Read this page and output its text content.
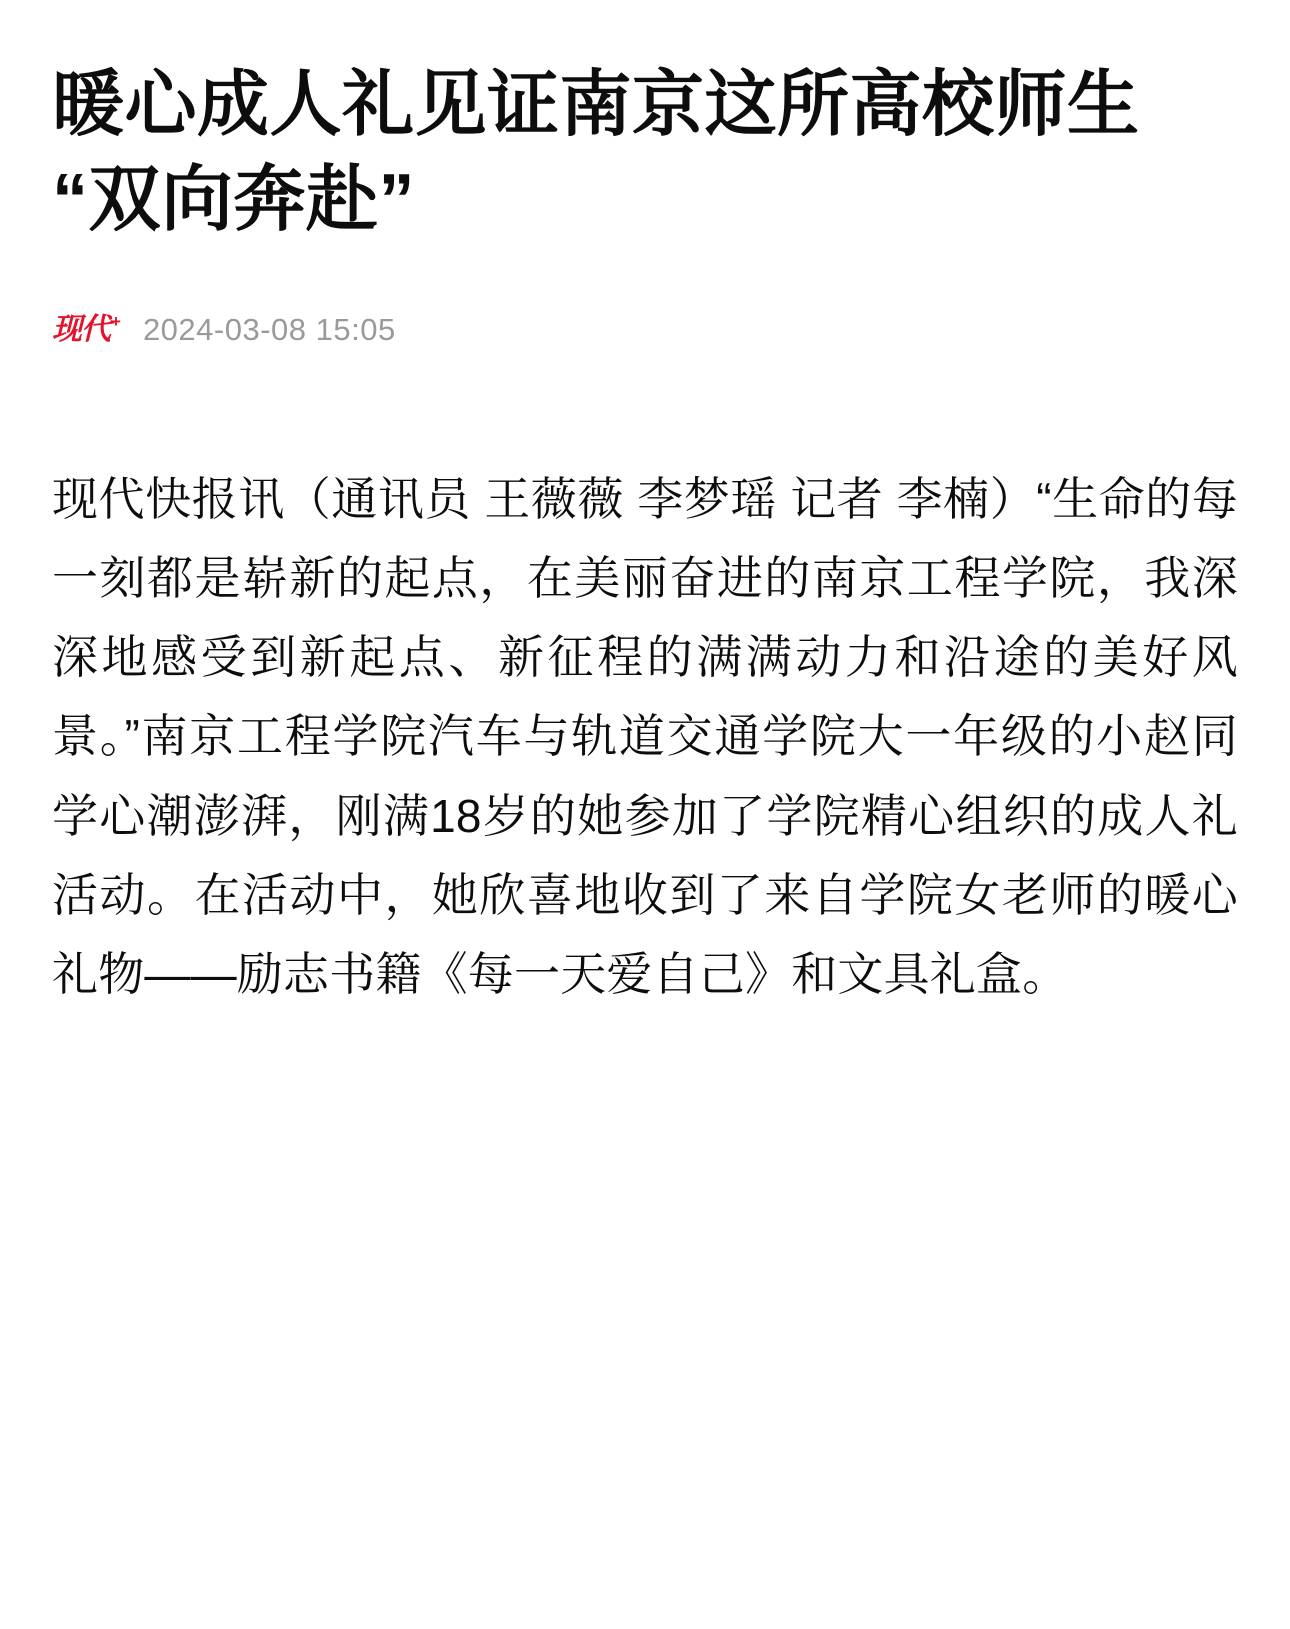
暖心成人礼见证南京这所高校师生“双向奔赴”
现代 + 2024-03-08 15:05

现代快报讯（通讯员 王薇薇 李梦瑶 记者 李楠）“生命的每一刻都是崭新的起点，在美丽奋进的南京工程学院，我深深地感受到新起点、新征程的满满动力和沿途的美好风景。”南京工程学院汽车与轨道交通学院大一年级的小赵同学心潮澎湃，刚满18岁的她参加了学院精心组织的成人礼活动。在活动中，她欣喜地收到了来自学院女老师的暖心礼物——励志书籍《每一天爱自己》和文具礼盒。
